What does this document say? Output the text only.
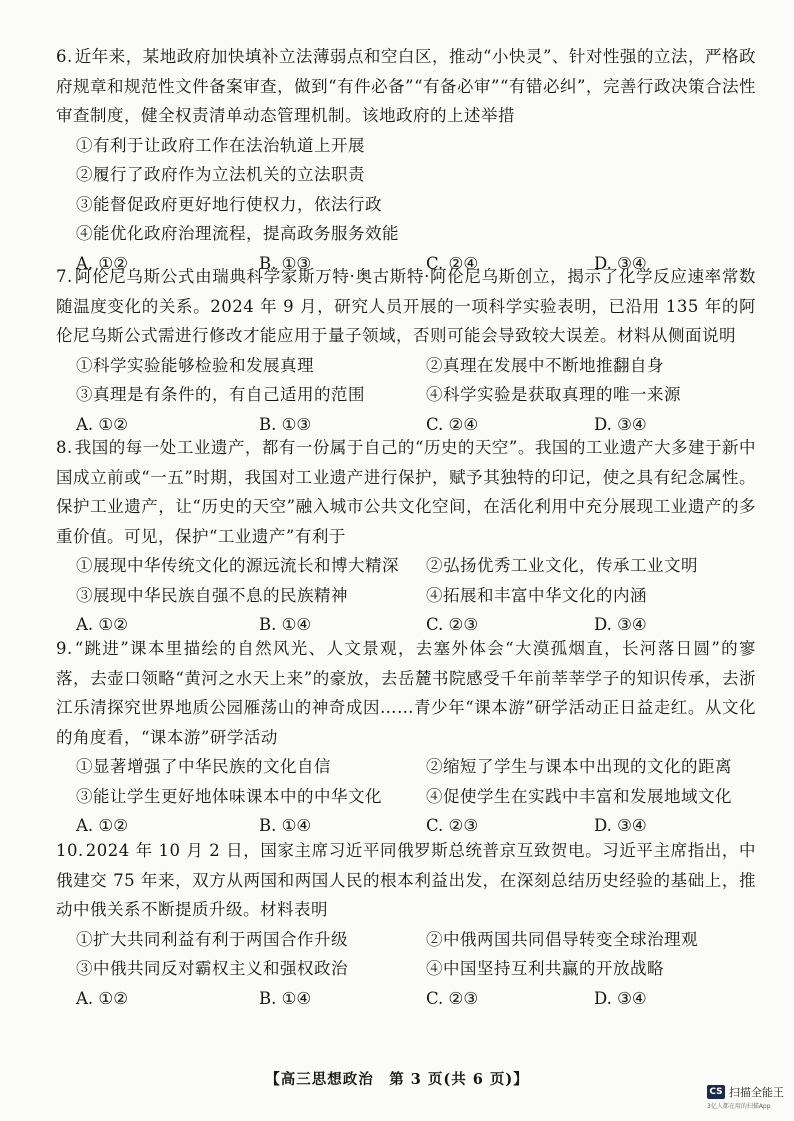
6. 近年来，某地政府加快填补立法薄弱点和空白区，推动“小快灵”、针对性强的立法，严格政府规章和规范性文件备案审查，做到“有件必备”“有备必审”“有错必纠”，完善行政决策合法性审查制度，健全权责清单动态管理机制。该地政府的上述举措

①有利于让政府工作在法治轨道上开展
②履行了政府作为立法机关的立法职责
③能督促政府更好地行使权力，依法行政
④能优化政府治理流程，提高政务服务效能
A. ①②	B. ①③	C. ②④	D. ③④

7. 阿伦尼乌斯公式由瑞典科学家斯万特·奥古斯特·阿伦尼乌斯创立，揭示了化学反应速率常数随温度变化的关系。2024 年 9 月，研究人员开展的一项科学实验表明，已沿用 135 年的阿伦尼乌斯公式需进行修改才能应用于量子领域，否则可能会导致较大误差。材料从侧面说明

①科学实验能够检验和发展真理	②真理在发展中不断地推翻自身
③真理是有条件的，有自己适用的范围	④科学实验是获取真理的唯一来源
A. ①②	B. ①③	C. ②④	D. ③④

8. 我国的每一处工业遗产，都有一份属于自己的“历史的天空”。我国的工业遗产大多建于新中国成立前或“一五”时期，我国对工业遗产进行保护，赋予其独特的印记，使之具有纪念属性。保护工业遗产，让“历史的天空”融入城市公共文化空间，在活化利用中充分展现工业遗产的多重价值。可见，保护“工业遗产”有利于

①展现中华传统文化的源远流长和博大精深 ②弘扬优秀工业文化，传承工业文明
③展现中华民族自强不息的民族精神	④拓展和丰富中华文化的内涵
A. ①②	B. ①④	C. ②③	D. ③④

9. “跳进”课本里描绘的自然风光、人文景观，去塞外体会“大漠孤烟直，长河落日圆”的寥落，去壶口领略“黄河之水天上来”的豪放，去岳麓书院感受千年前莘莘学子的知识传承，去浙江乐清探究世界地质公园雁荡山的神奇成因……青少年“课本游”研学活动正日益走红。从文化的角度看，“课本游”研学活动

①显著增强了中华民族的文化自信	②缩短了学生与课本中出现的文化的距离
③能让学生更好地体味课本中的中华文化	④促使学生在实践中丰富和发展地域文化
A. ①②	B. ①④	C. ②③	D. ③④

10. 2024 年 10 月 2 日，国家主席习近平同俄罗斯总统普京互致贺电。习近平主席指出，中俄建交 75 年来，双方从两国和两国人民的根本利益出发，在深刻总结历史经验的基础上，推动中俄关系不断提质升级。材料表明

①扩大共同利益有利于两国合作升级	②中俄两国共同倡导转变全球治理观
③中俄共同反对霸权主义和强权政治	④中国坚持互利共赢的开放战略
A. ①②	B. ①④	C. ②③	D. ③④
【高三思想政治　第 3 页(共 6 页)】
CS 扫描全能王
3亿人都在用的扫描App
